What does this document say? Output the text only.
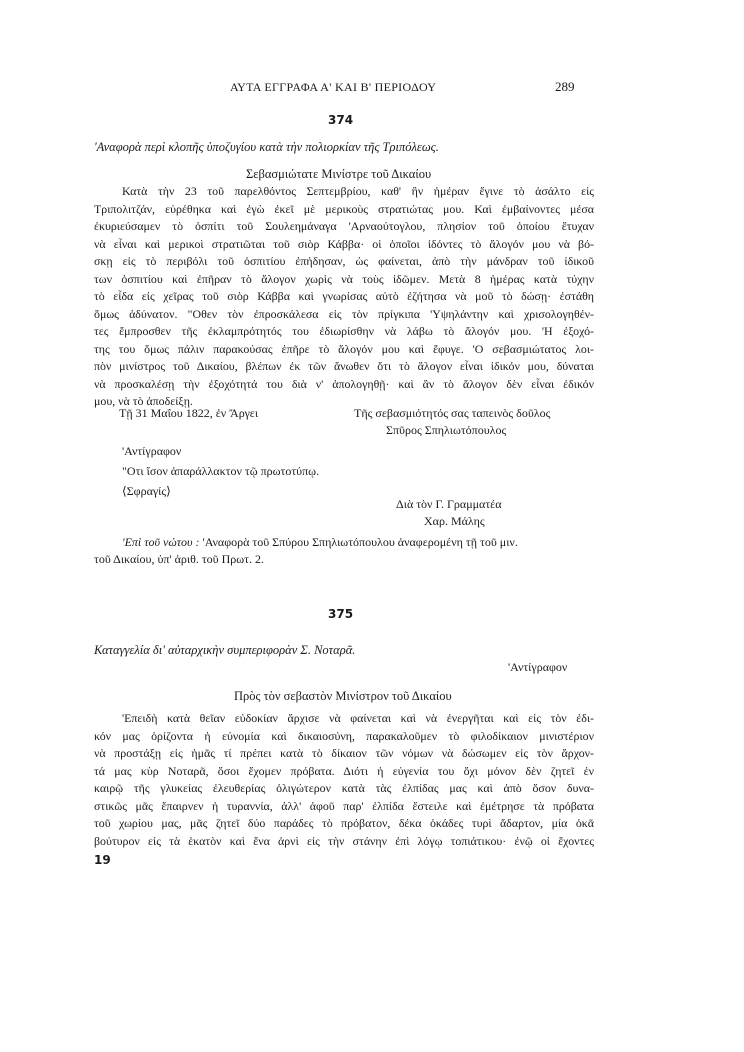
ΑΥΤΑ ΕΓΓΡΑΦΑ Α' ΚΑΙ Β' ΠΕΡΙΟΔΟΥ	289
374
'Αναφορὰ περὶ κλοπῆς ὑποζυγίου κατὰ τὴν πολιορκίαν τῆς Τριπόλεως.
Σεβασμιώτατε Μινίστρε τοῦ Δικαίου
Κατὰ τὴν 23 τοῦ παρελθόντος Σεπτεμβρίου, καθ' ἣν ἡμέραν ἔγινε τὸ ἀσάλτο εἰς
Τριπολιτζάν, εὑρέθηκα καὶ ἐγὼ ἐκεῖ μὲ μερικοὺς στρατιώτας μου. Καὶ ἐμβαίνοντες μέσα
ἐκυριεύσαμεν τὸ ὀσπίτι τοῦ Σουλεημάναγα 'Αρναούτογλου, πλησίον τοῦ ὁποίου ἔτυχαν
νὰ εἶναι καὶ μερικοὶ στρατιῶται τοῦ σιὸρ Κάββα· οἱ ὁποῖοι ἰδόντες τὸ ἄλογόν μου νὰ βό-
σκῃ εἰς τὸ περιβόλι τοῦ ὀσπιτίου ἐπήδησαν, ὡς φαίνεται, ἀπὸ τὴν μάνδραν τοῦ ἰδικοῦ
των ὀσπιτίου καὶ ἐπῆραν τὸ ἄλογον χωρὶς νὰ τοὺς ἰδῶμεν. Μετὰ 8 ἡμέρας κατὰ τύχην
τὸ εἶδα εἰς χεῖρας τοῦ σιὸρ Κάββα καὶ γνωρίσας αὐτὸ ἐζήτησα νὰ μοῦ τὸ δώσῃ· ἐστάθη
ὅμως ἀδύνατον. "Οθεν τὸν ἐπροσκάλεσα εἰς τὸν πρίγκιπα 'Υψηλάντην καὶ χρισολογηθέν-
τες ἔμπροσθεν τῆς ἐκλαμπρότητός του ἐδιωρίσθην νὰ λάβω τὸ ἄλογόν μου. 'Η ἐξοχό-
της του ὅμως πάλιν παρακούσας ἐπῆρε τὸ ἄλογόν μου καὶ ἔφυγε. 'Ο σεβασμιώτατος λοι-
πὸν μινίστρος τοῦ Δικαίου, βλέπων ἐκ τῶν ἄνωθεν ὅτι τὸ ἄλογον εἶναι ἰδικόν μου, δύναται
νὰ προσκαλέσῃ τὴν ἐξοχότητά του διὰ ν' ἀπολογηθῇ· καὶ ἂν τὸ ἄλογον δὲν εἶναι ἐδικόν
μου, νὰ τὸ ἀποδείξῃ.
Τῇ 31 Μαΐου 1822, ἐν Ἄργει	Τῆς σεβασμιότητός σας ταπεινὸς δοῦλος
Σπῦρος Σπηλιωτόπουλος
'Αντίγραφον
"Οτι ἴσον ἀπαράλλακτον τῷ πρωτοτύπῳ.
⟨Σφραγίς⟩
Διὰ τὸν Γ. Γραμματέα
Χαρ. Μάλης
'Επὶ τοῦ νώτου : 'Αναφορὰ τοῦ Σπύρου Σπηλιωτόπουλου ἀναφερομένη τῇ τοῦ μιν.
τοῦ Δικαίου, ὑπ' ἀριθ. τοῦ Πρωτ. 2.
375
Καταγγελία δι' αὐταρχικὴν συμπεριφορὰν Σ. Νοταρᾶ.
'Αντίγραφον
Πρὸς τὸν σεβαστὸν Μινίστρον τοῦ Δικαίου
'Επειδὴ κατὰ θεῖαν εὐδοκίαν ἄρχισε νὰ φαίνεται καὶ νὰ ἐνεργῆται καὶ εἰς τὸν ἐδι-
κόν μας ὁρίζοντα ἡ εὐνομία καὶ δικαιοσύνη, παρακαλοῦμεν τὸ φιλοδίκαιον μινιστέριον
νὰ προστάξῃ εἰς ἡμᾶς τί πρέπει κατὰ τὸ δίκαιον τῶν νόμων νὰ δώσωμεν εἰς τὸν ἄρχον-
τά μας κὺρ Νοταρᾶ, ὅσοι ἔχομεν πρόβατα. Διότι ἡ εὐγενία του ὄχι μόνον δὲν ζητεῖ ἐν
καιρῷ τῆς γλυκείας ἐλευθερίας ὀλιγώτερον κατὰ τὰς ἐλπίδας μας καὶ ἀπὸ ὅσον δυνα-
στικῶς μᾶς ἔπαιρνεν ἡ τυραννία, ἀλλ' ἀφοῦ παρ' ἐλπίδα ἔστειλε καὶ ἐμέτρησε τὰ πρόβατα
τοῦ χωρίου μας, μᾶς ζητεῖ δύο παράδες τὸ πρόβατον, δέκα ὀκάδες τυρὶ ἄδαρτον, μία ὀκᾶ
βούτυρον εἰς τὰ ἑκατὸν καὶ ἕνα ἀρνὶ εἰς τὴν στάνην ἐπὶ λόγῳ τοπιάτικου· ἐνῷ οἱ ἔχοντες
19
